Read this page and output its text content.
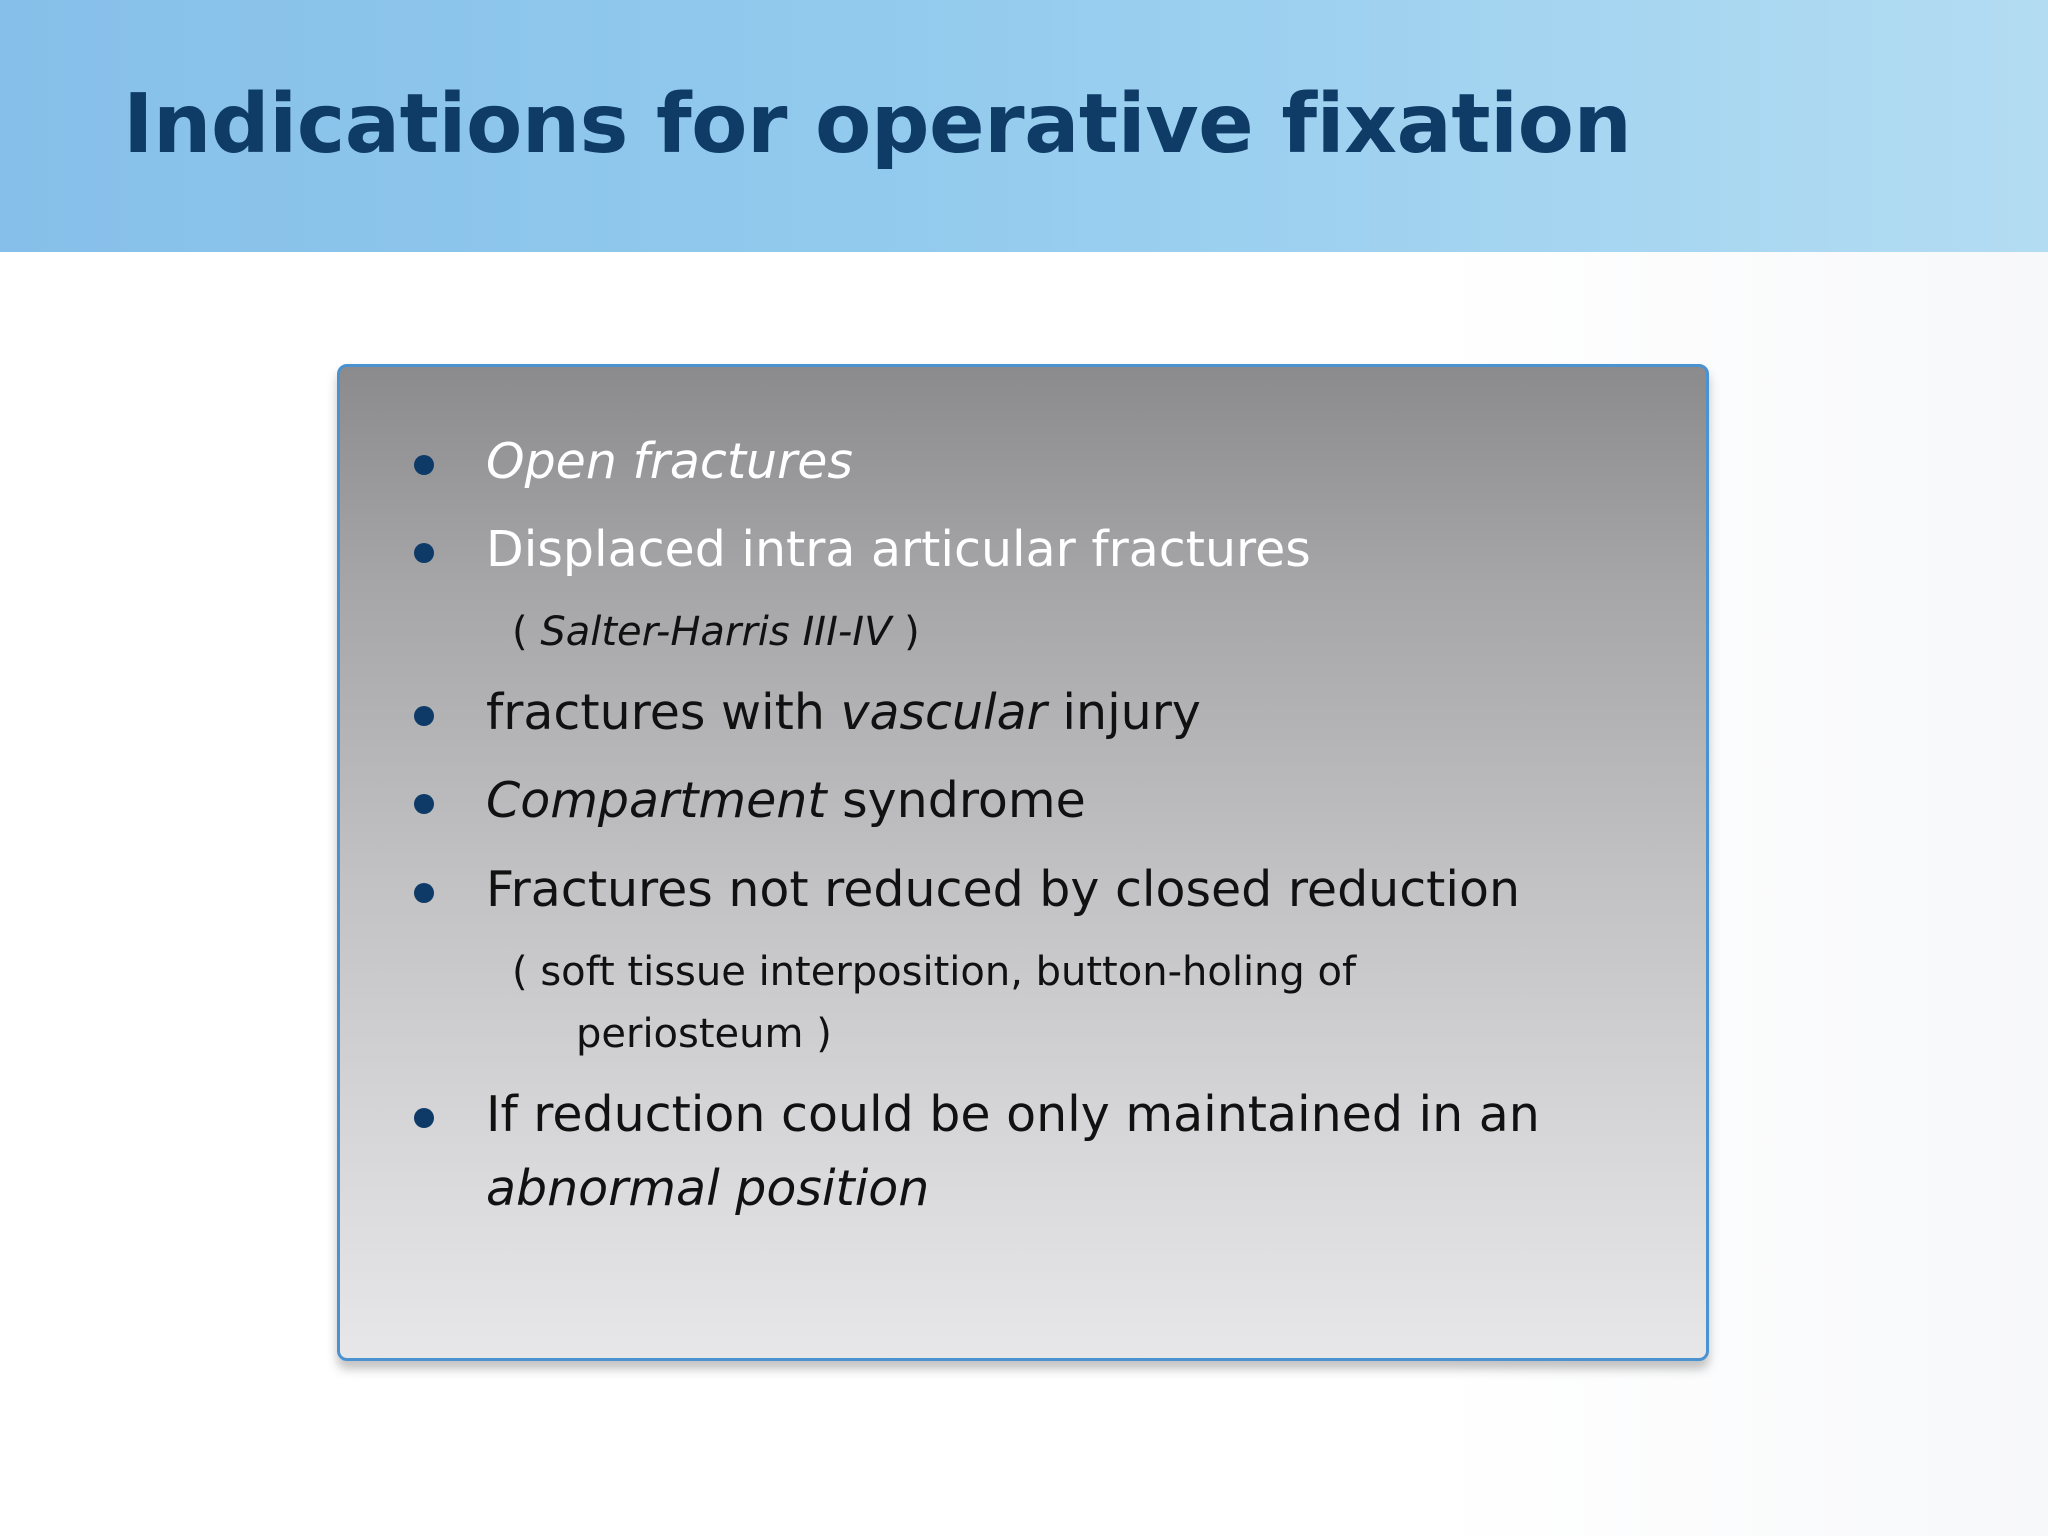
Indications for operative fixation

Open fractures

Displaced intra articular fractures

( Salter-Harris III-IV )

fractures with vascular injury

Compartment syndrome

Fractures not reduced by closed reduction

( soft tissue interposition, button-holing of

periosteum )

If reduction could be only maintained in an

abnormal position
